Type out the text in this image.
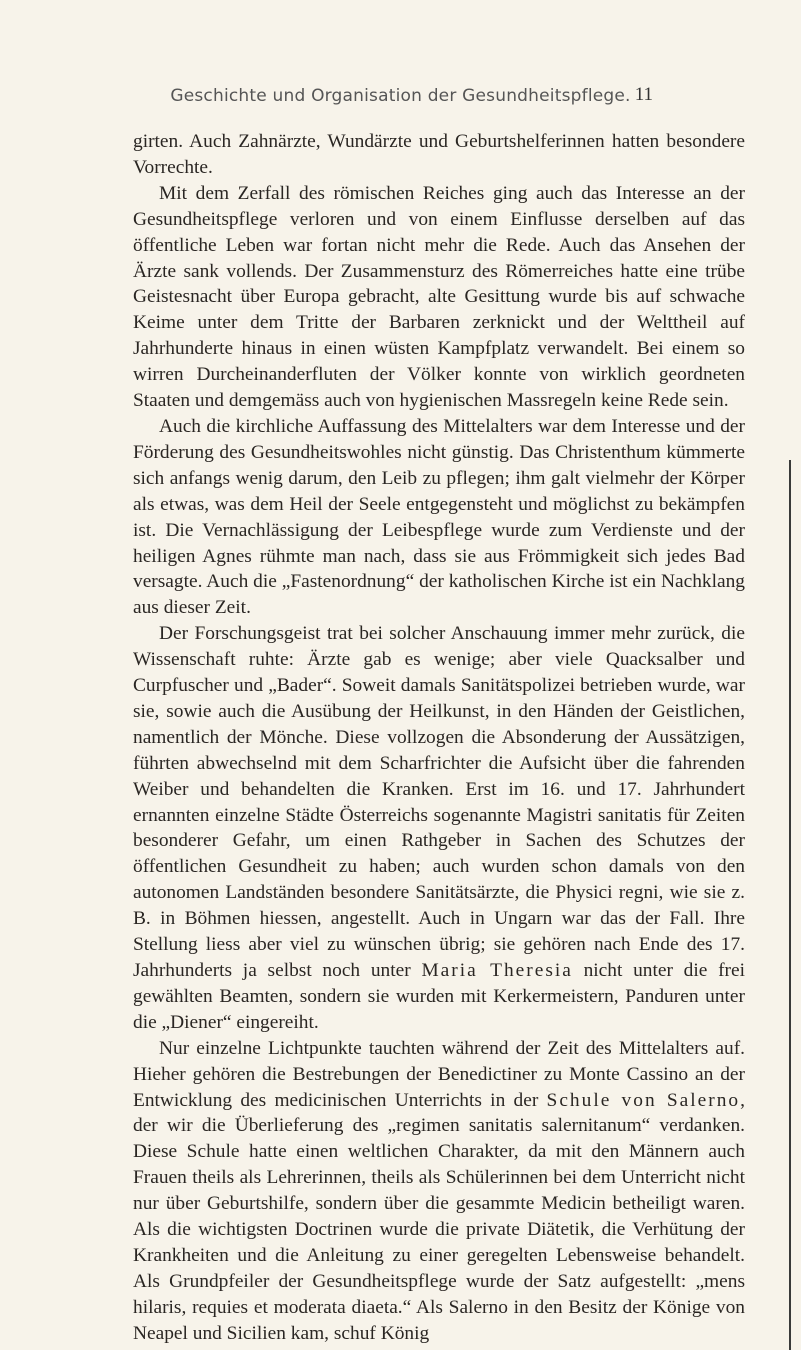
Geschichte und Organisation der Gesundheitspflege. 11

girten. Auch Zahnärzte, Wundärzte und Geburtshelferinnen hatten besondere Vorrechte.

Mit dem Zerfall des römischen Reiches ging auch das Interesse an der Gesundheitspflege verloren und von einem Einflusse derselben auf das öffentliche Leben war fortan nicht mehr die Rede. Auch das Ansehen der Ärzte sank vollends. Der Zusammensturz des Römerreiches hatte eine trübe Geistesnacht über Europa gebracht, alte Gesittung wurde bis auf schwache Keime unter dem Tritte der Barbaren zerknickt und der Welttheil auf Jahrhunderte hinaus in einen wüsten Kampfplatz verwandelt. Bei einem so wirren Durcheinanderfluten der Völker konnte von wirklich geordneten Staaten und demgemäss auch von hygienischen Massregeln keine Rede sein.

Auch die kirchliche Auffassung des Mittelalters war dem Interesse und der Förderung des Gesundheitswohles nicht günstig. Das Christenthum kümmerte sich anfangs wenig darum, den Leib zu pflegen; ihm galt vielmehr der Körper als etwas, was dem Heil der Seele entgegensteht und möglichst zu bekämpfen ist. Die Vernachlässigung der Leibespflege wurde zum Verdienste und der heiligen Agnes rühmte man nach, dass sie aus Frömmigkeit sich jedes Bad versagte. Auch die „Fastenordnung“ der katholischen Kirche ist ein Nachklang aus dieser Zeit.

Der Forschungsgeist trat bei solcher Anschauung immer mehr zurück, die Wissenschaft ruhte: Ärzte gab es wenige; aber viele Quacksalber und Curpfuscher und „Bader“. Soweit damals Sanitätspolizei betrieben wurde, war sie, sowie auch die Ausübung der Heilkunst, in den Händen der Geistlichen, namentlich der Mönche. Diese vollzogen die Absonderung der Aussätzigen, führten abwechselnd mit dem Scharfrichter die Aufsicht über die fahrenden Weiber und behandelten die Kranken. Erst im 16. und 17. Jahrhundert ernannten einzelne Städte Österreichs sogenannte Magistri sanitatis für Zeiten besonderer Gefahr, um einen Rathgeber in Sachen des Schutzes der öffentlichen Gesundheit zu haben; auch wurden schon damals von den autonomen Landständen besondere Sanitätsärzte, die Physici regni, wie sie z. B. in Böhmen hiessen, angestellt. Auch in Ungarn war das der Fall. Ihre Stellung liess aber viel zu wünschen übrig; sie gehören nach Ende des 17. Jahrhunderts ja selbst noch unter Maria Theresia nicht unter die frei gewählten Beamten, sondern sie wurden mit Kerkermeistern, Panduren unter die „Diener“ eingereiht.

Nur einzelne Lichtpunkte tauchten während der Zeit des Mittelalters auf. Hieher gehören die Bestrebungen der Benedictiner zu Monte Cassino an der Entwicklung des medicinischen Unterrichts in der Schule von Salerno, der wir die Überlieferung des „regimen sanitatis salernitanum“ verdanken. Diese Schule hatte einen weltlichen Charakter, da mit den Männern auch Frauen theils als Lehrerinnen, theils als Schülerinnen bei dem Unterricht nicht nur über Geburtshilfe, sondern über die gesammte Medicin betheiligt waren. Als die wichtigsten Doctrinen wurde die private Diätetik, die Verhütung der Krankheiten und die Anleitung zu einer geregelten Lebensweise behandelt. Als Grundpfeiler der Gesundheitspflege wurde der Satz aufgestellt: „mens hilaris, requies et moderata diaeta.“ Als Salerno in den Besitz der Könige von Neapel und Sicilien kam, schuf König
